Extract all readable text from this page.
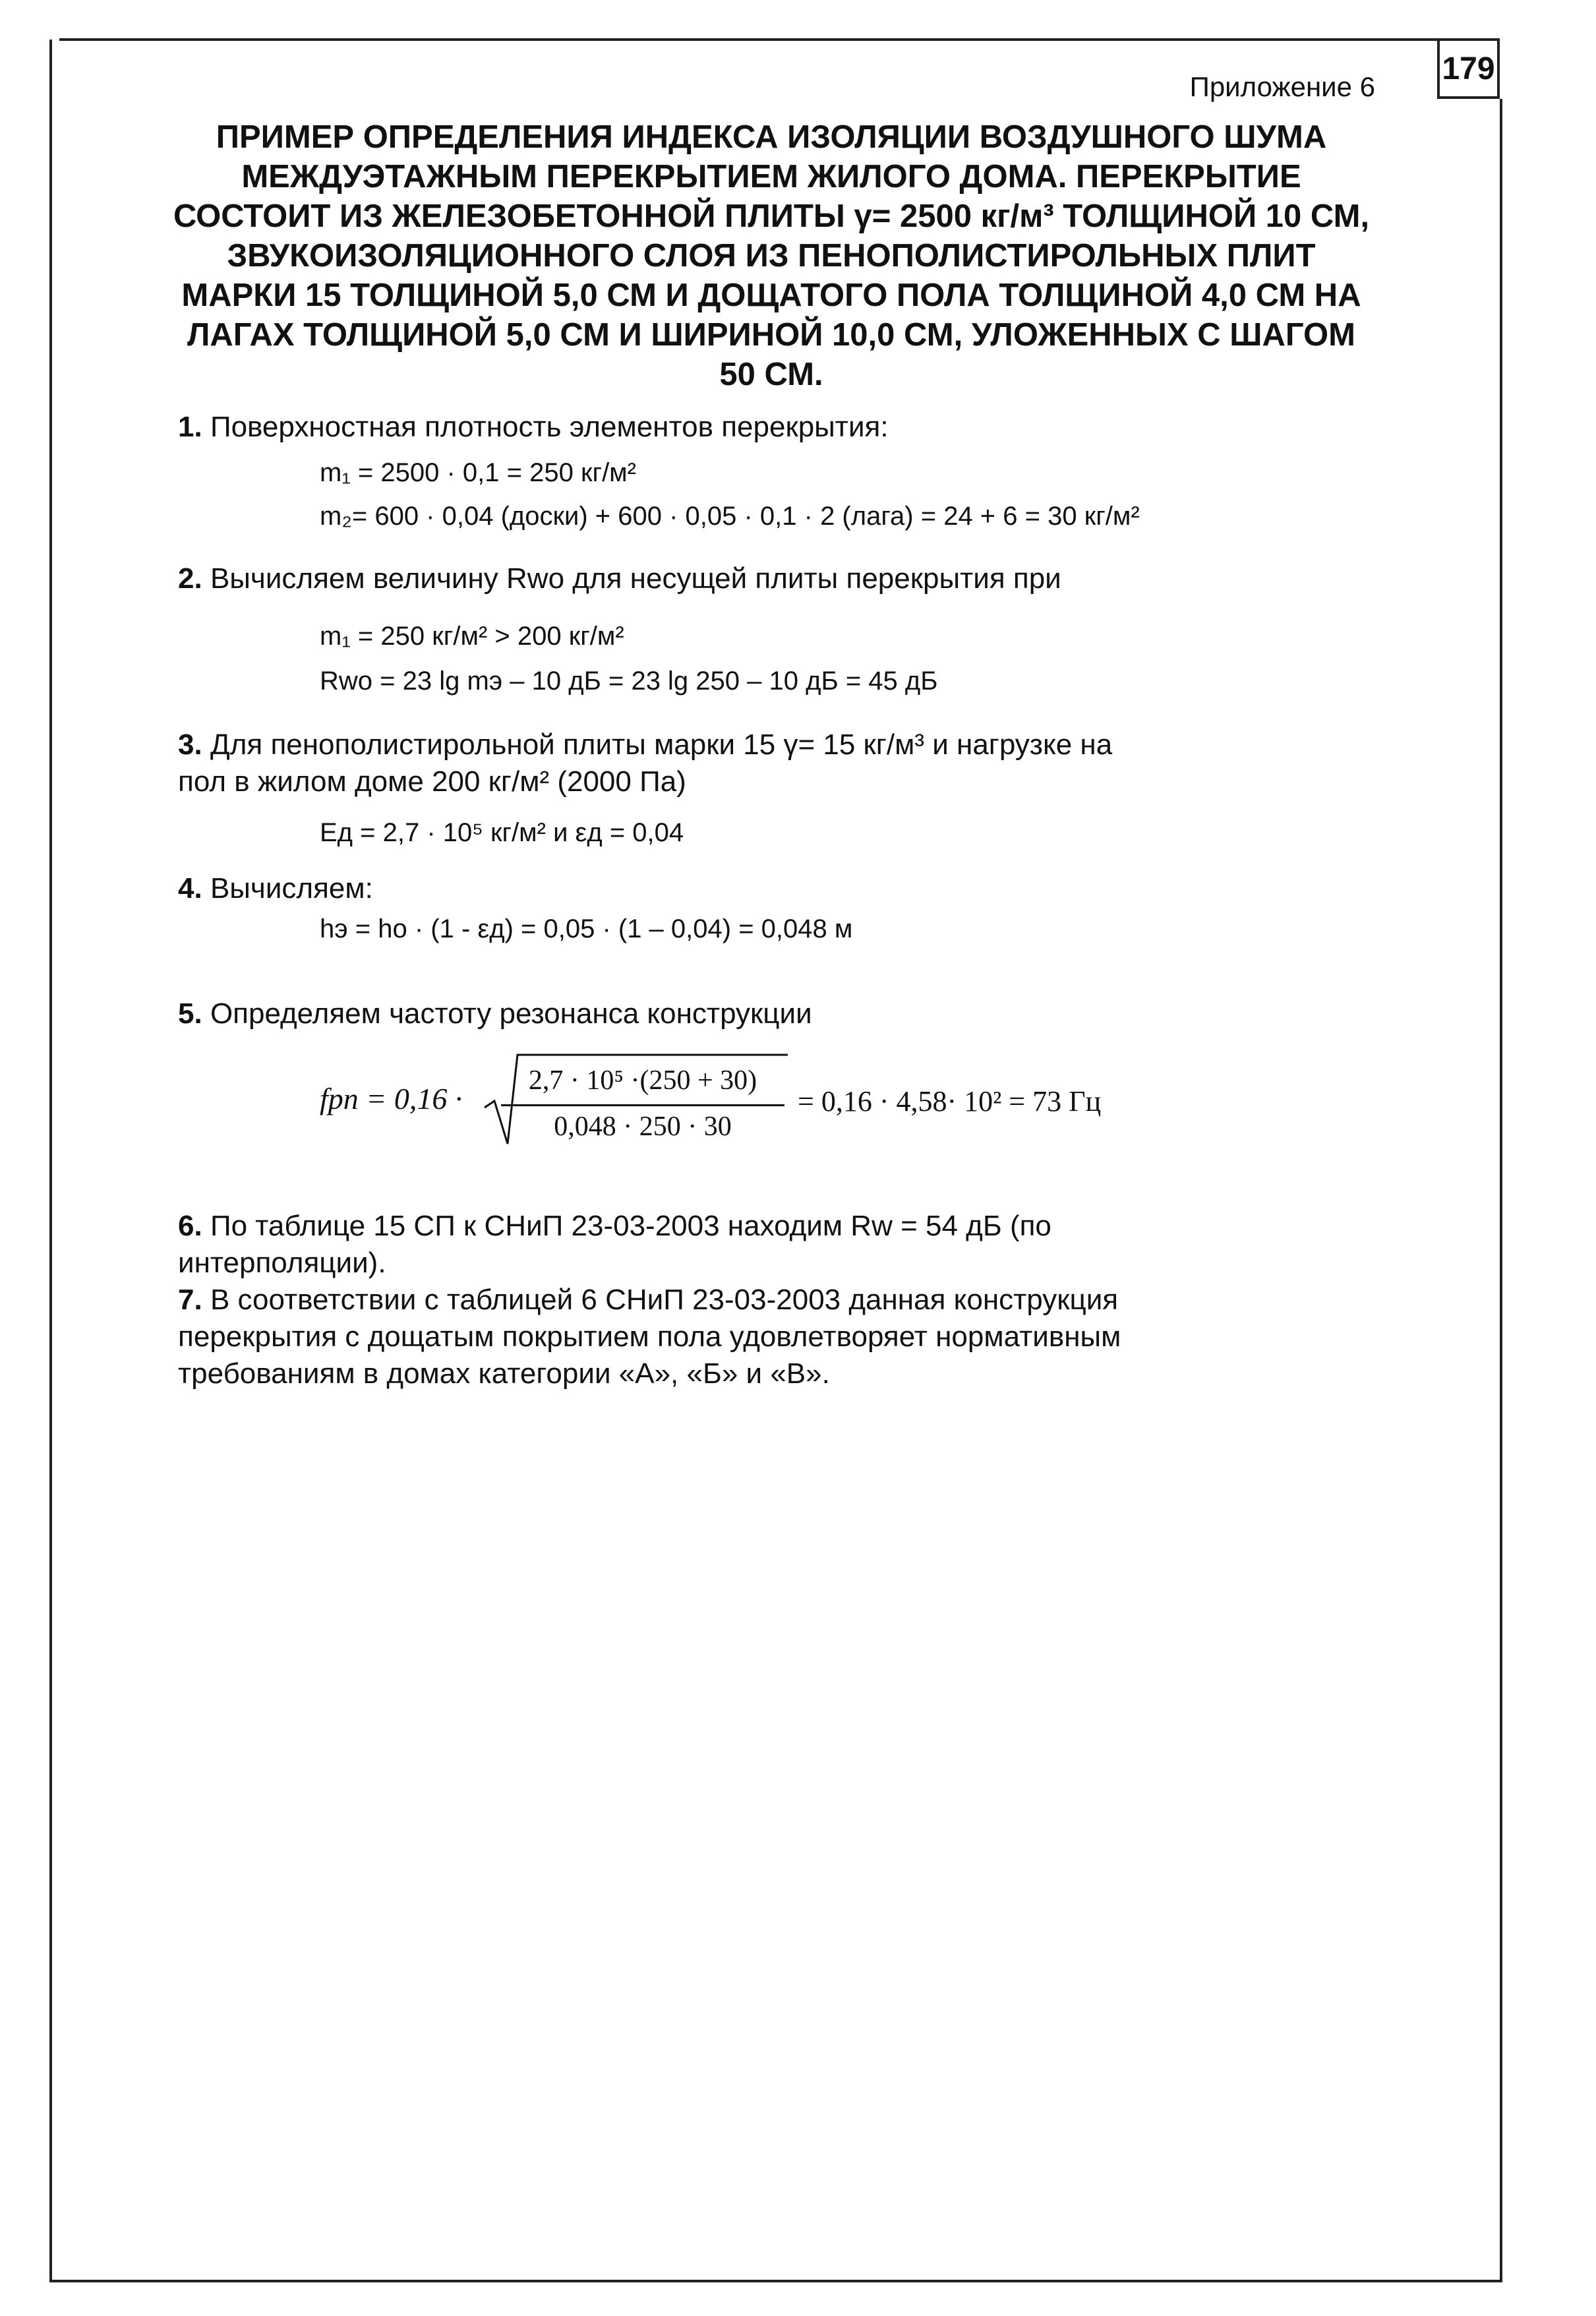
179
Приложение 6
ПРИМЕР ОПРЕДЕЛЕНИЯ ИНДЕКСА ИЗОЛЯЦИИ ВОЗДУШНОГО ШУМА МЕЖДУЭТАЖНЫМ ПЕРЕКРЫТИЕМ ЖИЛОГО ДОМА. ПЕРЕКРЫТИЕ СОСТОИТ ИЗ ЖЕЛЕЗОБЕТОННОЙ ПЛИТЫ γ= 2500 кг/м³ ТОЛЩИНОЙ 10 СМ, ЗВУКОИЗОЛЯЦИОННОГО СЛОЯ ИЗ ПЕНОПОЛИСТИРОЛЬНЫХ ПЛИТ МАРКИ 15 ТОЛЩИНОЙ 5,0 СМ И ДОЩАТОГО ПОЛА ТОЛЩИНОЙ 4,0 СМ НА ЛАГАХ ТОЛЩИНОЙ 5,0 СМ И ШИРИНОЙ 10,0 СМ, УЛОЖЕННЫХ С ШАГОМ 50 СМ.
1. Поверхностная плотность элементов перекрытия:
m₁ = 2500 · 0,1 = 250 кг/м²
m₂= 600 · 0,04 (доски) + 600 · 0,05 · 0,1 · 2 (лага) = 24 + 6 = 30 кг/м²
2. Вычисляем величину Rwo для несущей плиты перекрытия при
m₁ = 250 кг/м² > 200 кг/м²
Rwo = 23 lg mэ – 10 дБ = 23 lg 250 – 10 дБ = 45 дБ
3. Для пенополистирольной плиты марки 15 γ= 15 кг/м³ и нагрузке на
пол в жилом доме 200 кг/м² (2000 Па)
Eд = 2,7 · 10⁵ кг/м² и εд = 0,04
4. Вычисляем:
hэ = hо · (1 - εд) = 0,05 · (1 – 0,04) = 0,048 м
5. Определяем частоту резонанса конструкции
fрп = 0,16 ·
2,7 · 10⁵ ·(250 + 30)
0,048 · 250 · 30
= 0,16 · 4,58· 10² = 73 Гц
6. По таблице 15 СП к СНиП 23-03-2003 находим Rw = 54 дБ (по
интерполяции).
7. В соответствии с таблицей 6 СНиП 23-03-2003 данная конструкция
перекрытия с дощатым покрытием пола удовлетворяет нормативным
требованиям в домах категории «А», «Б» и «В».
